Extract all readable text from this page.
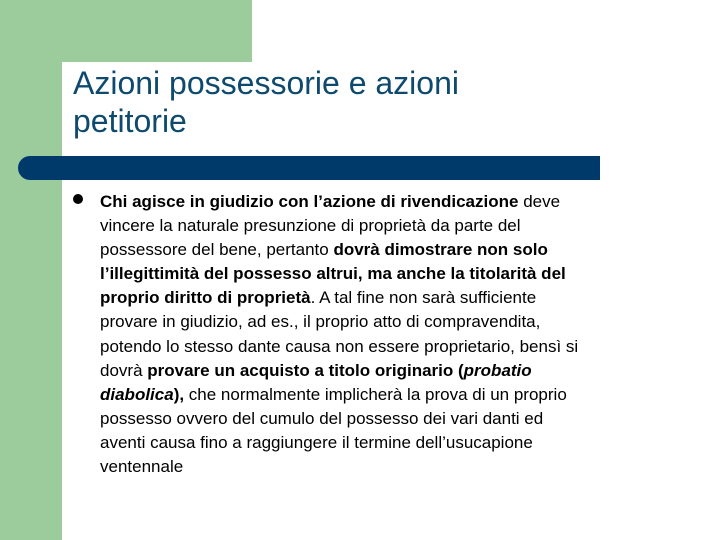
Azioni possessorie e azioni
petitorie

Chi agisce in giudizio con l’azione di rivendicazione deve
vincere la naturale presunzione di proprietà da parte del
possessore del bene, pertanto dovrà dimostrare non solo
l’illegittimità del possesso altrui, ma anche la titolarità del
proprio diritto di proprietà. A tal fine non sarà sufficiente
provare in giudizio, ad es., il proprio atto di compravendita,
potendo lo stesso dante causa non essere proprietario, bensì si
dovrà provare un acquisto a titolo originario (probatio
diabolica), che normalmente implicherà la prova di un proprio
possesso ovvero del cumulo del possesso dei vari danti ed
aventi causa fino a raggiungere il termine dell’usucapione
ventennale
